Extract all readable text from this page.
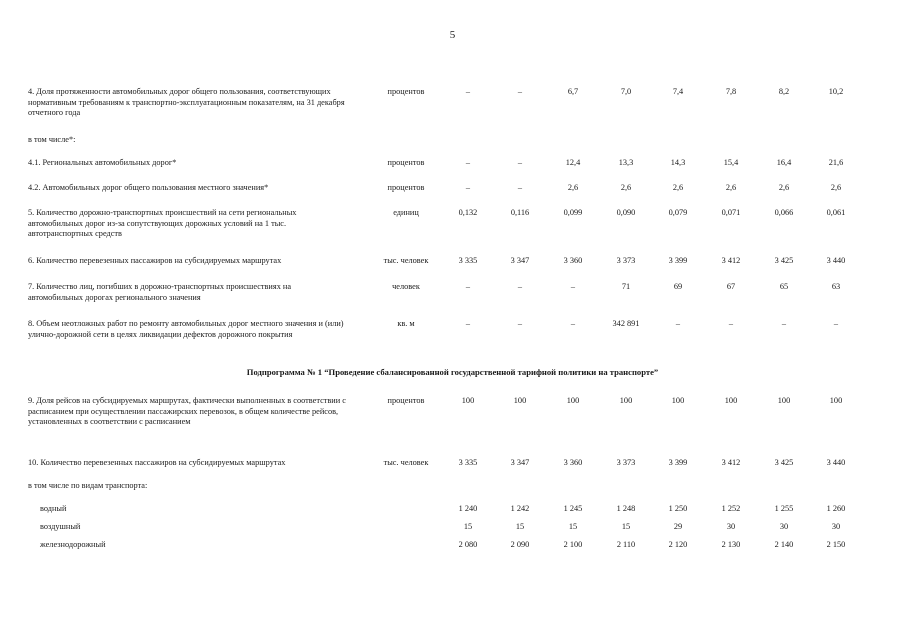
5
4. Доля протяженности автомобильных дорог общего пользования, соответствующих нормативным требованиям к транспортно-эксплуатационным показателям, на 31 декабря отчетного года
процентов	–	–	6,7	7,0	7,4	7,8	8,2	10,2
в том числе*:
4.1. Региональных автомобильных дорог*	процентов	–	–	12,4	13,3	14,3	15,4	16,4	21,6
4.2. Автомобильных дорог общего пользования местного значения*	процентов	–	–	2,6	2,6	2,6	2,6	2,6	2,6
5. Количество дорожно-транспортных происшествий на сети региональных автомобильных дорог из-за сопутствующих дорожных условий на 1 тыс. автотранспортных средств
единиц	0,132	0,116	0,099	0,090	0,079	0,071	0,066	0,061
6. Количество перевезенных пассажиров на субсидируемых маршрутах	тыс. человек	3 335	3 347	3 360	3 373	3 399	3 412	3 425	3 440
7. Количество лиц, погибших в дорожно-транспортных происшествиях на автомобильных дорогах регионального значения
человек	–	–	–	71	69	67	65	63
8. Объем неотложных работ по ремонту автомобильных дорог местного значения и (или) улично-дорожной сети в целях ликвидации дефектов дорожного покрытия
кв. м	–	–	–	342 891	–	–	–	–
Подпрограмма № 1 “Проведение сбалансированной государственной тарифной политики на транспорте”
9. Доля рейсов на субсидируемых маршрутах, фактически выполненных в соответствии с расписанием при осуществлении пассажирских перевозок, в общем количестве рейсов, установленных в соответствии с расписанием
процентов	100	100	100	100	100	100	100	100
10. Количество перевезенных пассажиров на субсидируемых маршрутах	тыс. человек	3 335	3 347	3 360	3 373	3 399	3 412	3 425	3 440
в том числе по видам транспорта:
водный	1 240	1 242	1 245	1 248	1 250	1 252	1 255	1 260
воздушный	15	15	15	15	29	30	30	30
железнодорожный	2 080	2 090	2 100	2 110	2 120	2 130	2 140	2 150
